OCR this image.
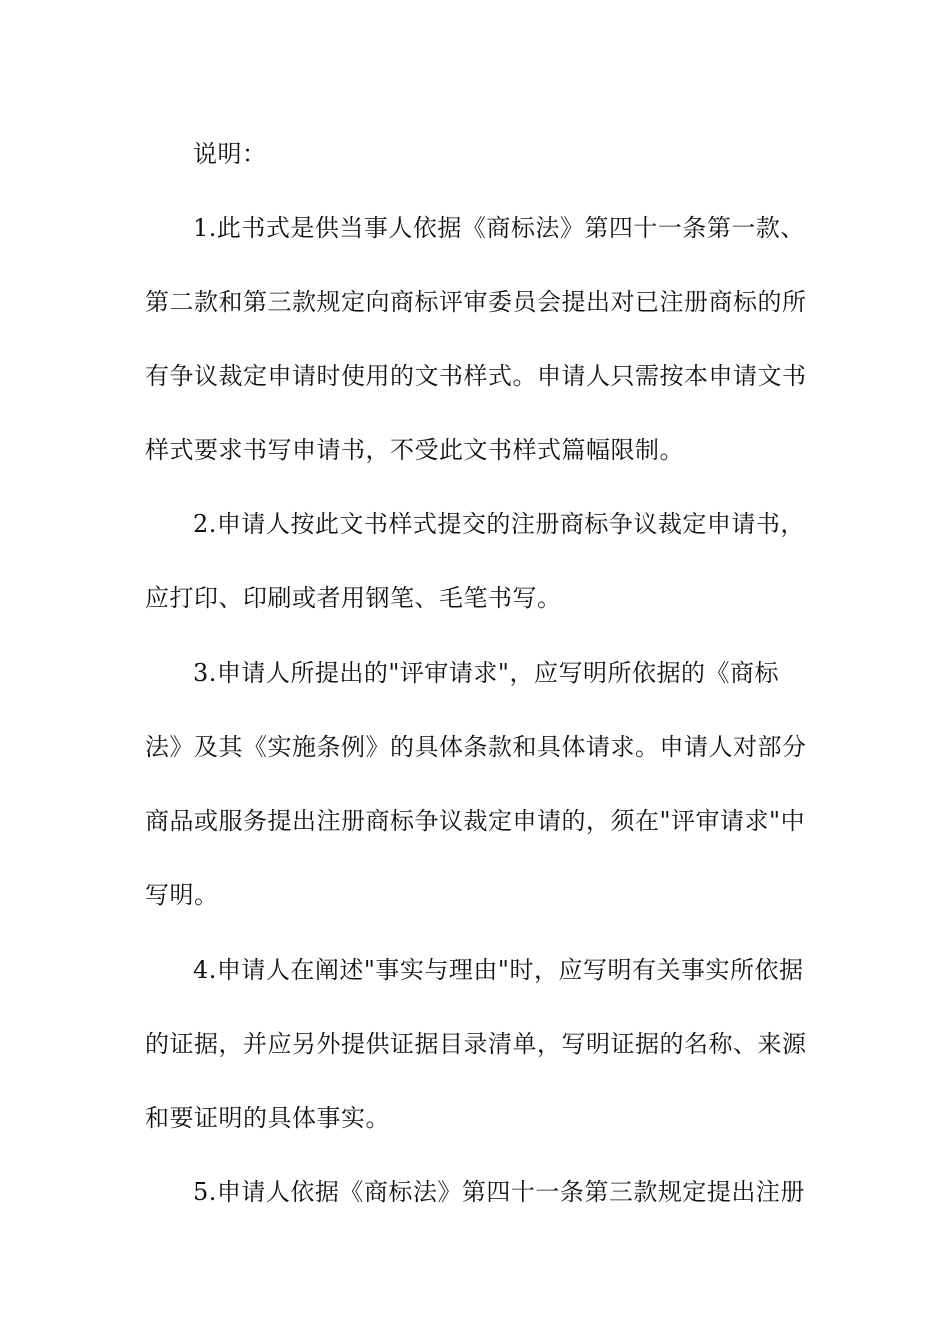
说明：
1.此书式是供当事人依据《商标法》第四十一条第一款、
第二款和第三款规定向商标评审委员会提出对已注册商标的所
有争议裁定申请时使用的文书样式。申请人只需按本申请文书
样式要求书写申请书，不受此文书样式篇幅限制。
2.申请人按此文书样式提交的注册商标争议裁定申请书，
应打印、印刷或者用钢笔、毛笔书写。
3.申请人所提出的"评审请求"，应写明所依据的《商标
法》及其《实施条例》的具体条款和具体请求。申请人对部分
商品或服务提出注册商标争议裁定申请的，须在"评审请求"中
写明。
4.申请人在阐述"事实与理由"时，应写明有关事实所依据
的证据，并应另外提供证据目录清单，写明证据的名称、来源
和要证明的具体事实。
5.申请人依据《商标法》第四十一条第三款规定提出注册
